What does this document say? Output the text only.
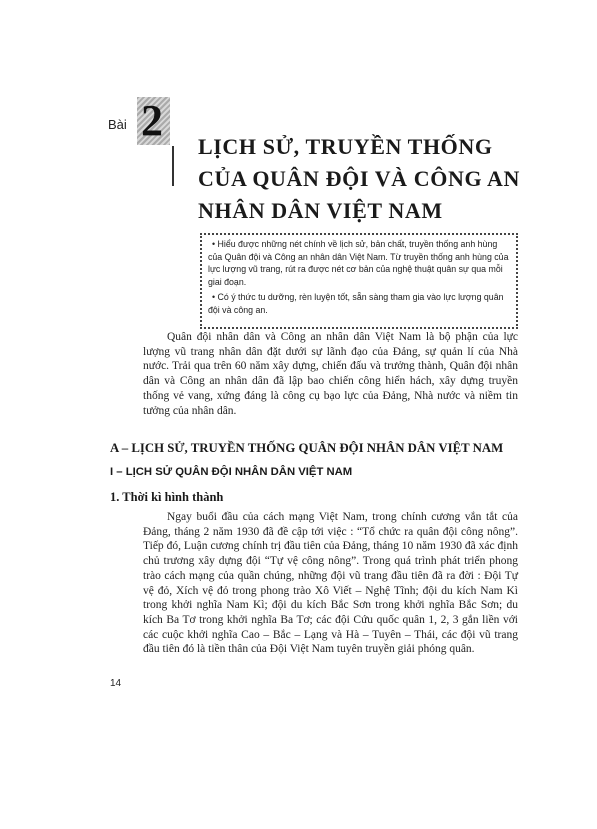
Bài 2
LỊCH SỬ, TRUYỀN THỐNG
CỦA QUÂN ĐỘI VÀ CÔNG AN
NHÂN DÂN VIỆT NAM

• Hiểu được những nét chính về lịch sử, bản chất, truyền thống anh hùng của Quân đội và Công an nhân dân Việt Nam. Từ truyền thống anh hùng của lực lượng vũ trang, rút ra được nét cơ bản của nghệ thuật quân sự qua mỗi giai đoạn.

• Có ý thức tu dưỡng, rèn luyện tốt, sẵn sàng tham gia vào lực lượng quân đội và công an.

Quân đội nhân dân và Công an nhân dân Việt Nam là bộ phận của lực lượng vũ trang nhân dân đặt dưới sự lãnh đạo của Đảng, sự quản lí của Nhà nước. Trải qua trên 60 năm xây dựng, chiến đấu và trưởng thành, Quân đội nhân dân và Công an nhân dân đã lập bao chiến công hiển hách, xây dựng truyền thống vẻ vang, xứng đáng là công cụ bạo lực của Đảng, Nhà nước và niềm tin tưởng của nhân dân.

A – LỊCH SỬ, TRUYỀN THỐNG QUÂN ĐỘI NHÂN DÂN VIỆT NAM
I – LỊCH SỬ QUÂN ĐỘI NHÂN DÂN VIỆT NAM
1. Thời kì hình thành

Ngay buổi đầu của cách mạng Việt Nam, trong chính cương vắn tắt của Đảng, tháng 2 năm 1930 đã đề cập tới việc : “Tổ chức ra quân đội công nông”. Tiếp đó, Luận cương chính trị đầu tiên của Đảng, tháng 10 năm 1930 đã xác định chủ trương xây dựng đội “Tự vệ công nông”. Trong quá trình phát triển phong trào cách mạng của quần chúng, những đội vũ trang đầu tiên đã ra đời : Đội Tự vệ đỏ, Xích vệ đỏ trong phong trào Xô Viết – Nghệ Tĩnh; đội du kích Nam Kì trong khởi nghĩa Nam Kì; đội du kích Bắc Sơn trong khởi nghĩa Bắc Sơn; du kích Ba Tơ trong khởi nghĩa Ba Tơ; các đội Cứu quốc quân 1, 2, 3 gắn liền với các cuộc khởi nghĩa Cao – Bắc – Lạng và Hà – Tuyên – Thái, các đội vũ trang đầu tiên đó là tiền thân của Đội Việt Nam tuyên truyền giải phóng quân.

14
